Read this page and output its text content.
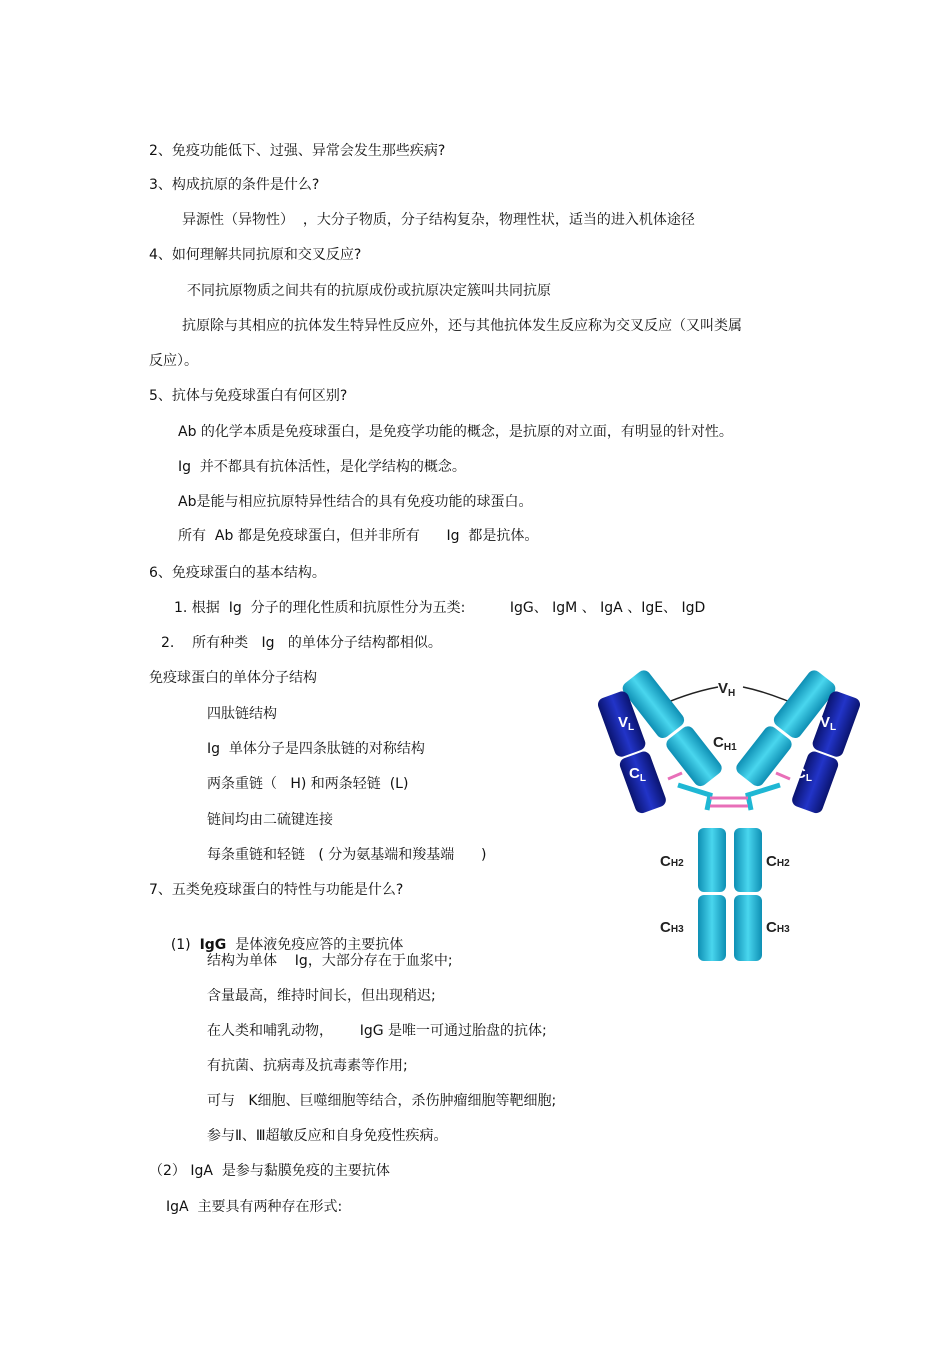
2、免疫功能低下、过强、异常会发生那些疾病?
3、构成抗原的条件是什么?
异源性（异物性）  ，大分子物质，分子结构复杂，物理性状，适当的进入机体途径
4、如何理解共同抗原和交叉反应?
不同抗原物质之间共有的抗原成份或抗原决定簇叫共同抗原
抗原除与其相应的抗体发生特异性反应外，还与其他抗体发生反应称为交叉反应（又叫类属
反应）。
5、抗体与免疫球蛋白有何区别?
Ab 的化学本质是免疫球蛋白，是免疫学功能的概念，是抗原的对立面，有明显的针对性。
Ig  并不都具有抗体活性，是化学结构的概念。
Ab是能与相应抗原特异性结合的具有免疫功能的球蛋白。
所有  Ab 都是免疫球蛋白，但并非所有      Ig  都是抗体。
6、免疫球蛋白的基本结构。
1. 根据  Ig  分子的理化性质和抗原性分为五类:          IgG、 IgM 、 IgA 、IgE、 IgD
2.    所有种类   Ig   的单体分子结构都相似。
免疫球蛋白的单体分子结构
四肽链结构
Ig  单体分子是四条肽链的对称结构
两条重链（   H) 和两条轻链  (L)
链间均由二硫键连接
每条重链和轻链   ( 分为氨基端和羧基端      )
7、五类免疫球蛋白的特性与功能是什么?

(1) IgG 是体液免疫应答的主要抗体

结构为单体    Ig，大部分存在于血浆中;
含量最高，维持时间长，但出现稍迟;
在人类和哺乳动物，      IgG 是唯一可通过胎盘的抗体;
有抗菌、抗病毒及抗毒素等作用;
可与   K细胞、巨噬细胞等结合，杀伤肿瘤细胞等靶细胞;
参与Ⅱ、Ⅲ超敏反应和自身免疫性疾病。
（2） IgA  是参与黏膜免疫的主要抗体
IgA  主要具有两种存在形式:
$V_H$
$C_{H1}$
$V_L$	$V_L$
$C_L$	$C_L$
CH2	CH2
CH3	CH3
